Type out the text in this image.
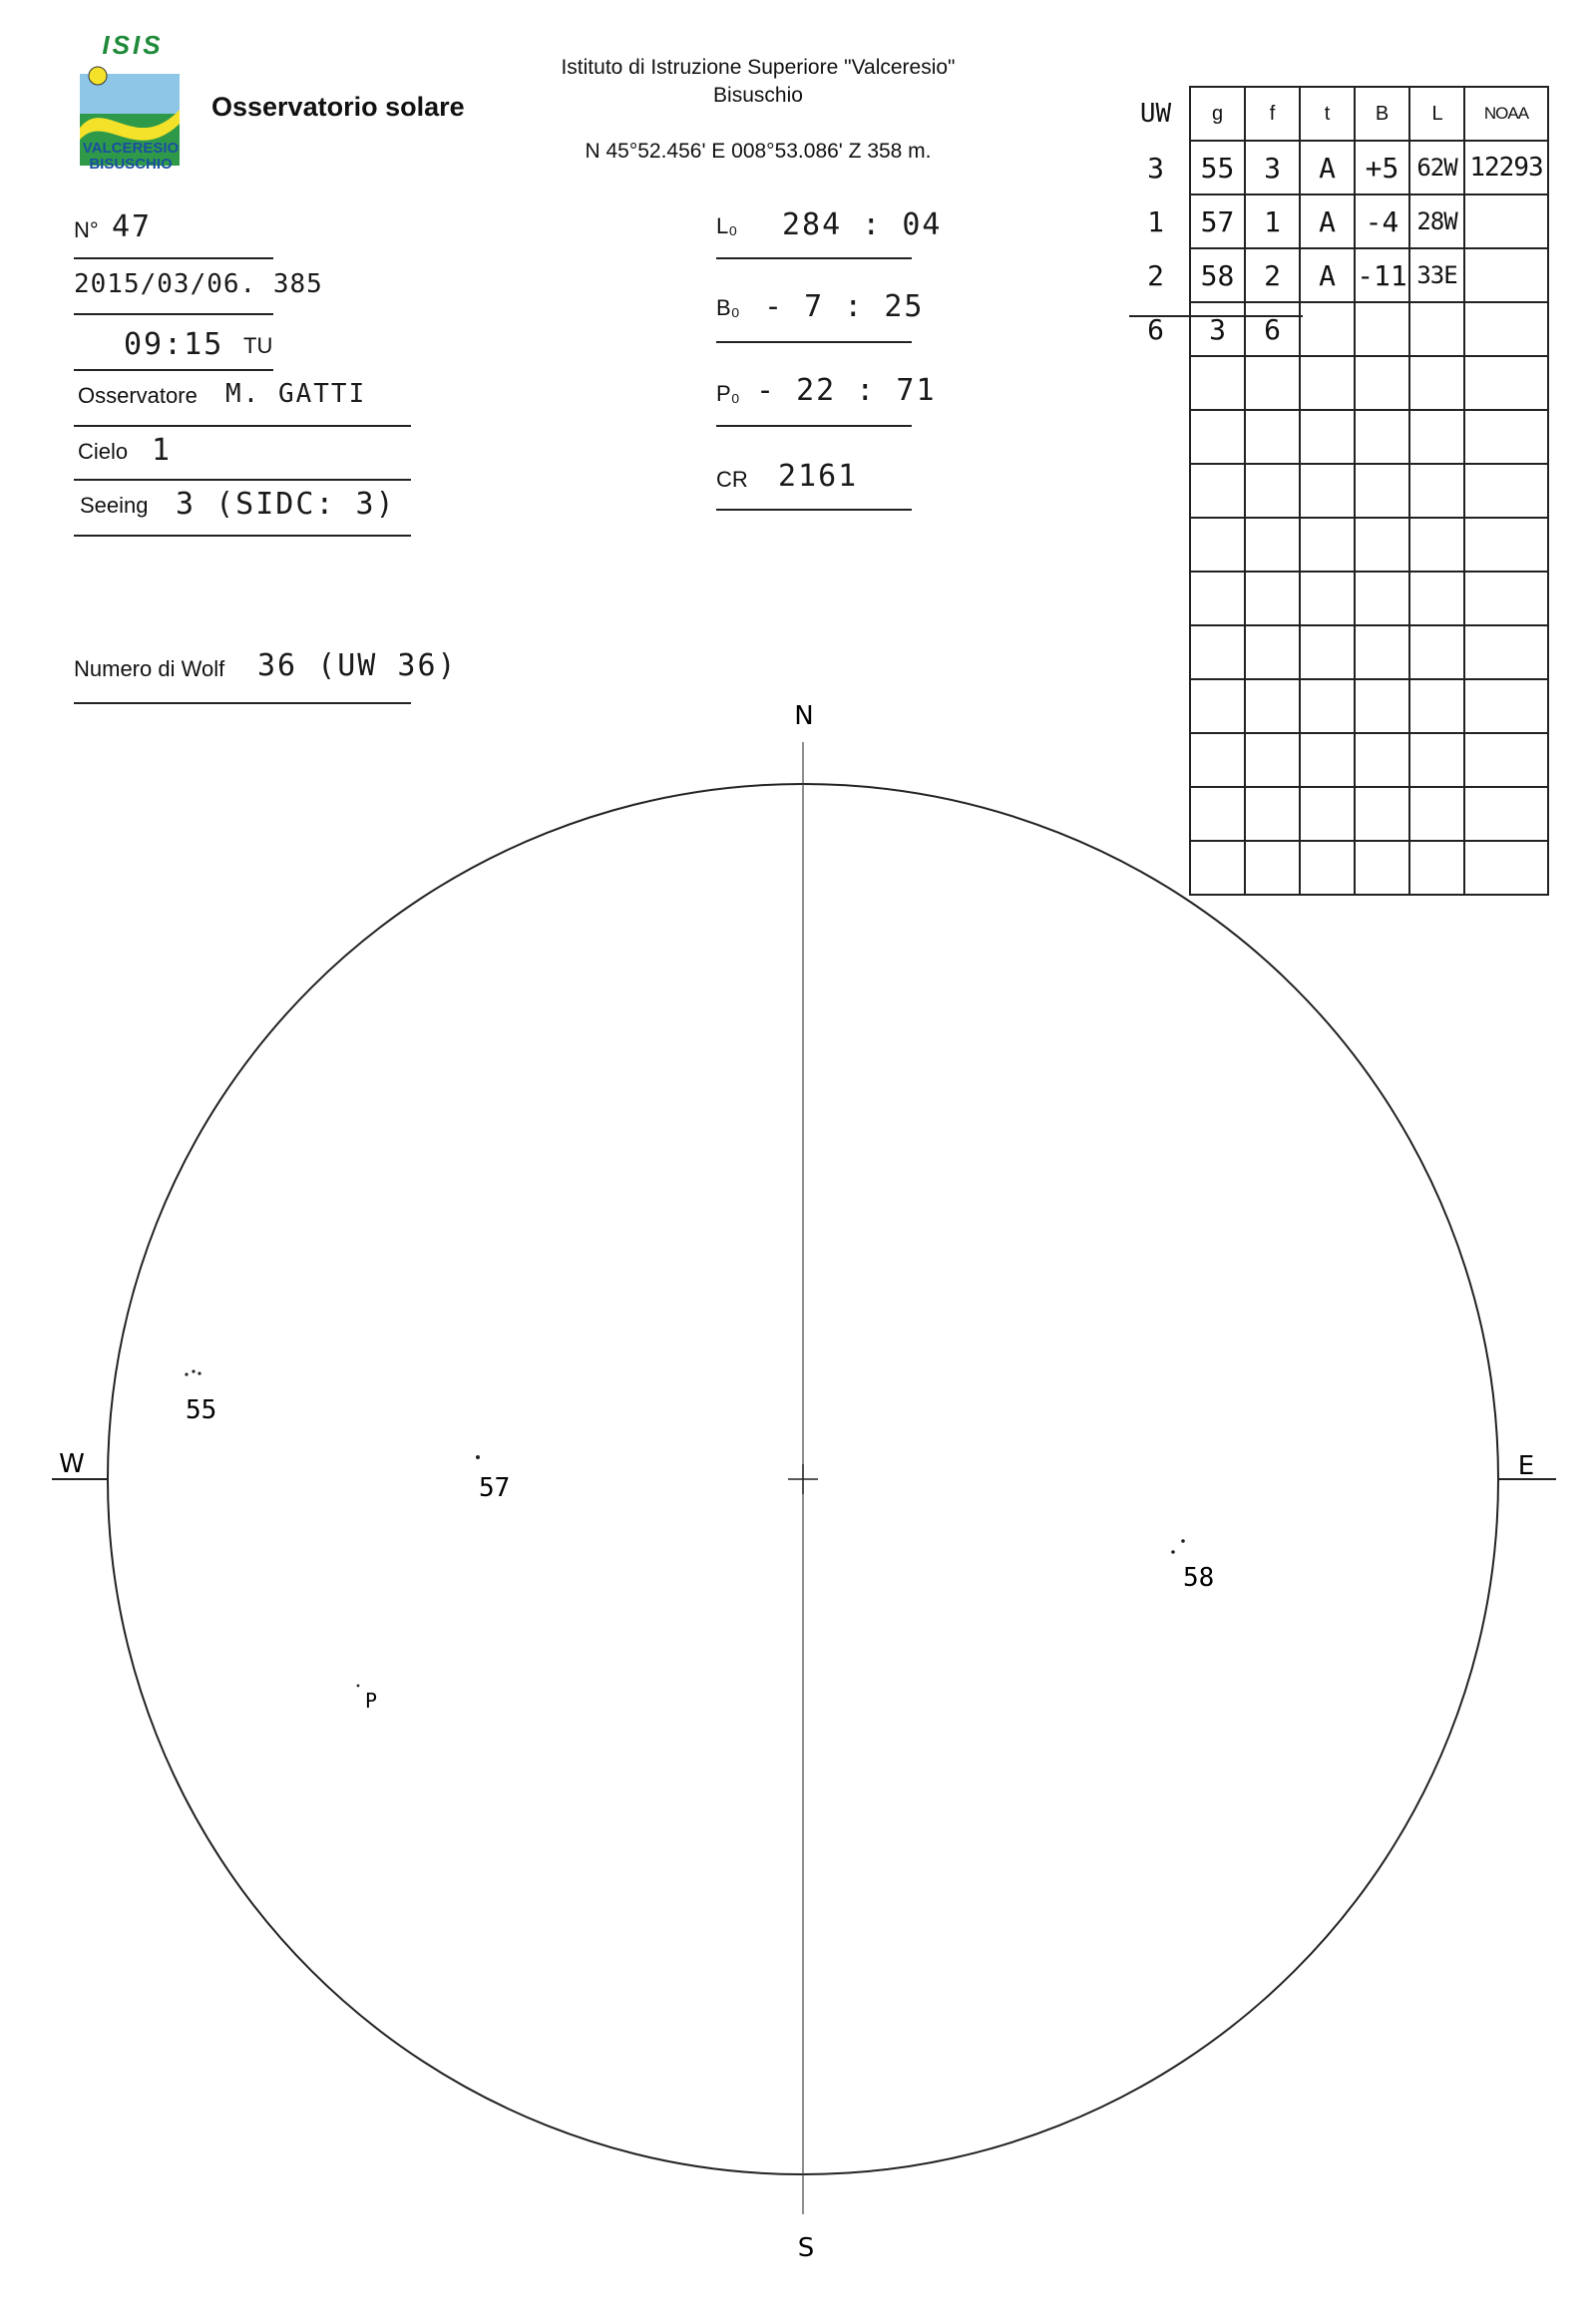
ISIS
VALCERESIO
BISUSCHIO
Osservatorio solare
Istituto di Istruzione Superiore "Valceresio"
Bisuschio
N 45°52.456' E 008°53.086' Z 358 m.
N° 47
2015/03/06. 385
09:15 TU
Osservatore M. GATTI
Cielo 1
Seeing 3 (SIDC: 3)
Numero di Wolf 36 (UW 36)
L₀ 284 : 04
B₀ - 7 : 25
P₀ - 22 : 71
CR 2161
UW	g	f	t	B	L	NOAA
3	55	3	A	+5	62W	12293
1	57	1	A	-4	28W	
2	58	2	A	-11	33E	
6	3	6				

N
S
W	E
55
57
58
P
